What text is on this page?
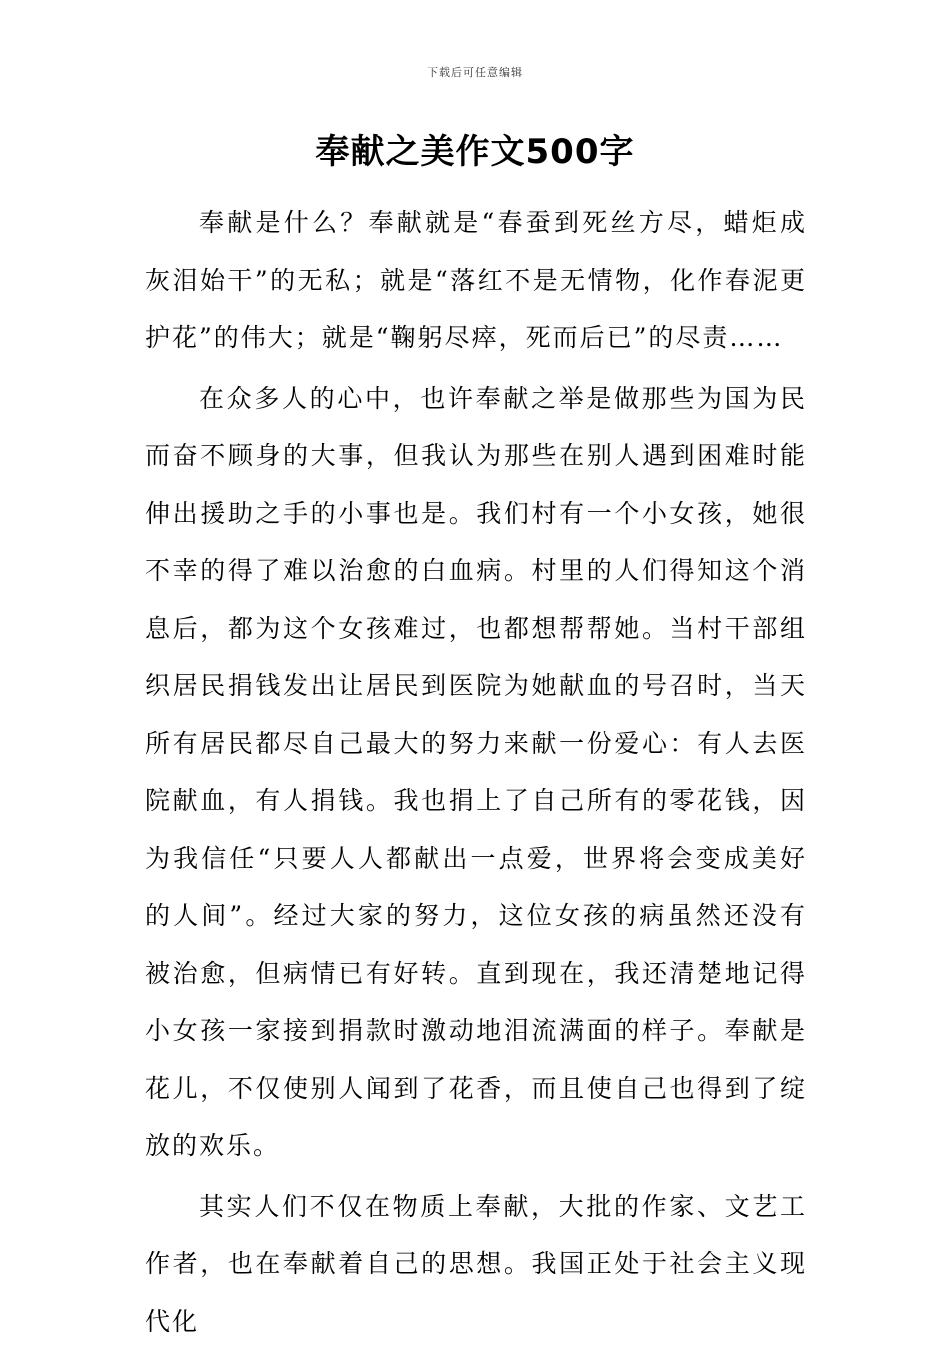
下载后可任意编辑
奉献之美作文500字

奉献是什么？奉献就是“春蚕到死丝方尽，蜡炬成灰泪始干”的无私；就是“落红不是无情物，化作春泥更护花”的伟大；就是“鞠躬尽瘁，死而后已”的尽责……

在众多人的心中，也许奉献之举是做那些为国为民而奋不顾身的大事，但我认为那些在别人遇到困难时能伸出援助之手的小事也是。我们村有一个小女孩，她很不幸的得了难以治愈的白血病。村里的人们得知这个消息后，都为这个女孩难过，也都想帮帮她。当村干部组织居民捐钱发出让居民到医院为她献血的号召时，当天所有居民都尽自己最大的努力来献一份爱心：有人去医院献血，有人捐钱。我也捐上了自己所有的零花钱，因为我信任“只要人人都献出一点爱，世界将会变成美好的人间”。经过大家的努力，这位女孩的病虽然还没有被治愈，但病情已有好转。直到现在，我还清楚地记得小女孩一家接到捐款时激动地泪流满面的样子。奉献是花儿，不仅使别人闻到了花香，而且使自己也得到了绽放的欢乐。

其实人们不仅在物质上奉献，大批的作家、文艺工作者，也在奉献着自己的思想。我国正处于社会主义现代化
